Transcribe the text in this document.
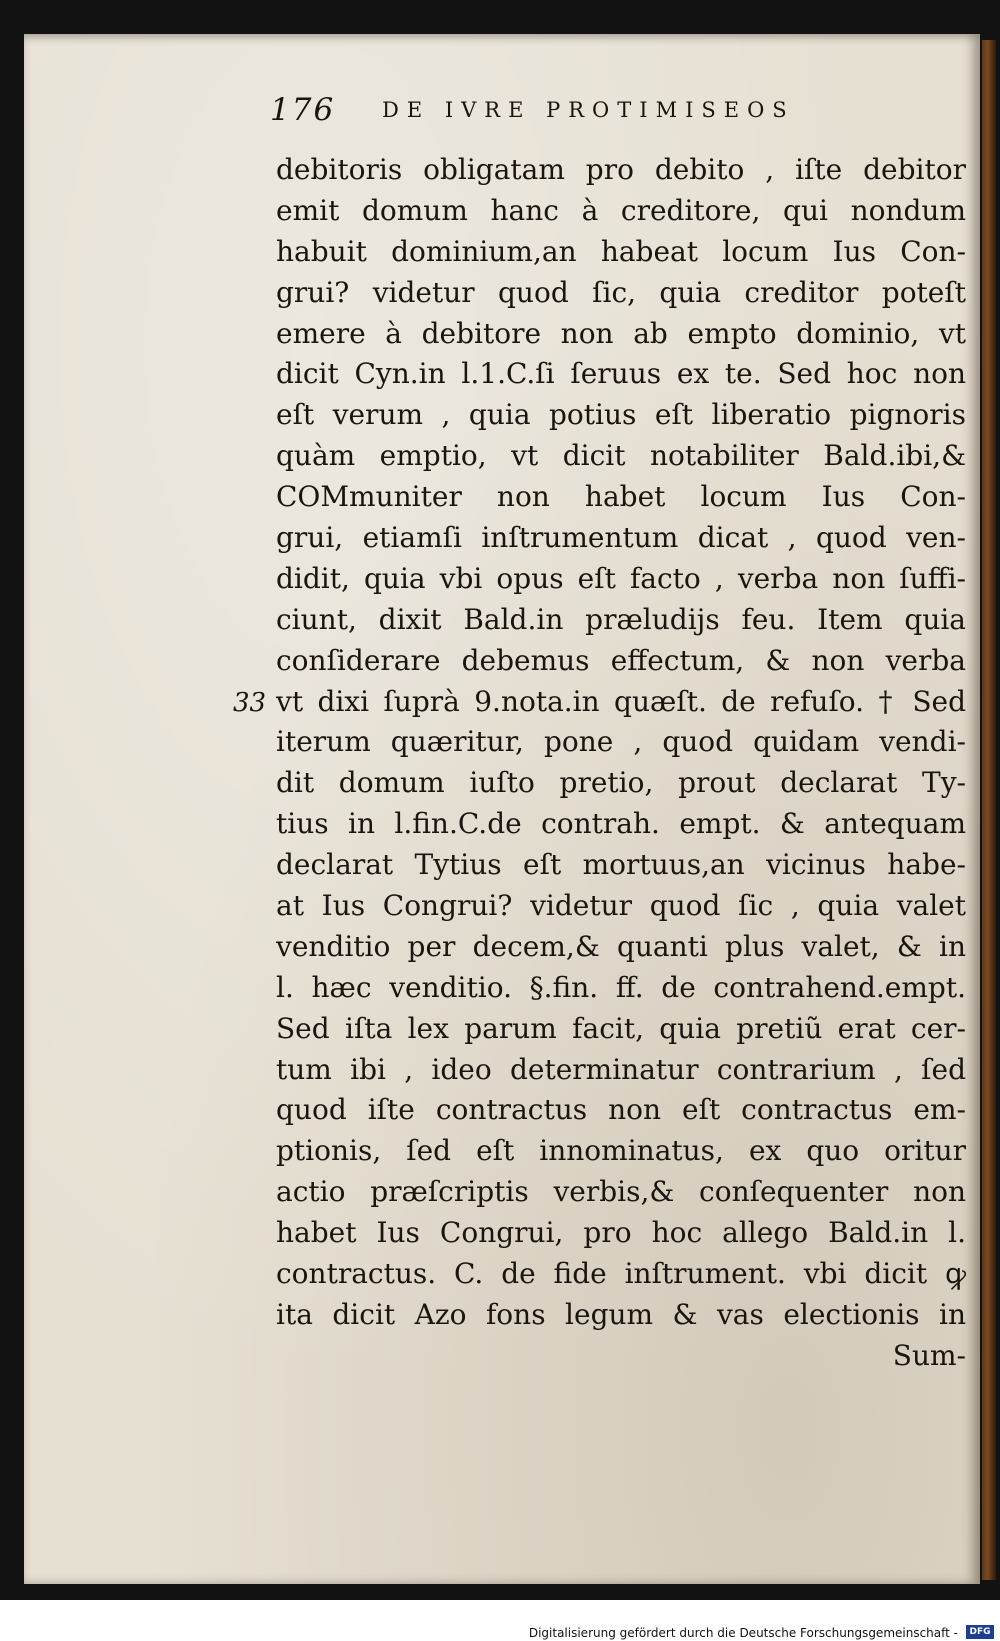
176 DE IVRE PROTIMISEOS
33
debitoris obligatam pro debito , iſte debitor
emit domum hanc à creditore, qui nondum
habuit dominium,an habeat locum Ius Con-
grui? videtur quod ſic, quia creditor poteſt
emere à debitore non ab empto dominio, vt
dicit Cyn.in l.1.C.ſi ſeruus ex te. Sed hoc non
eſt verum , quia potius eſt liberatio pignoris
quàm emptio, vt dicit notabiliter Bald.ibi,&
COMmuniter non habet locum Ius Con-
grui, etiamſi inſtrumentum dicat , quod ven-
didit, quia vbi opus eſt facto , verba non ſuffi-
ciunt, dixit Bald.in præludijs feu. Item quia
conſiderare debemus effectum, & non verba
vt dixi ſuprà 9.nota.in quæſt. de refuſo. † Sed
iterum quæritur, pone , quod quidam vendi-
dit domum iuſto pretio, prout declarat Ty-
tius in l.fin.C.de contrah. empt. & antequam
declarat Tytius eſt mortuus,an vicinus habe-
at Ius Congrui? videtur quod ſic , quia valet
venditio per decem,& quanti plus valet, & in
l. hæc venditio. §.fin. ff. de contrahend.empt.
Sed iſta lex parum facit, quia pretiũ erat cer-
tum ibi , ideo determinatur contrarium , ſed
quod iſte contractus non eſt contractus em-
ptionis, ſed eſt innominatus, ex quo oritur
actio præſcriptis verbis,& conſequenter non
habet Ius Congrui, pro hoc allego Bald.in l.
contractus. C. de fide inſtrument. vbi dicit ꝙ
ita dicit Azo fons legum & vas electionis in
Sum-
Digitalisierung gefördert durch die Deutsche Forschungsgemeinschaft -	DFG
